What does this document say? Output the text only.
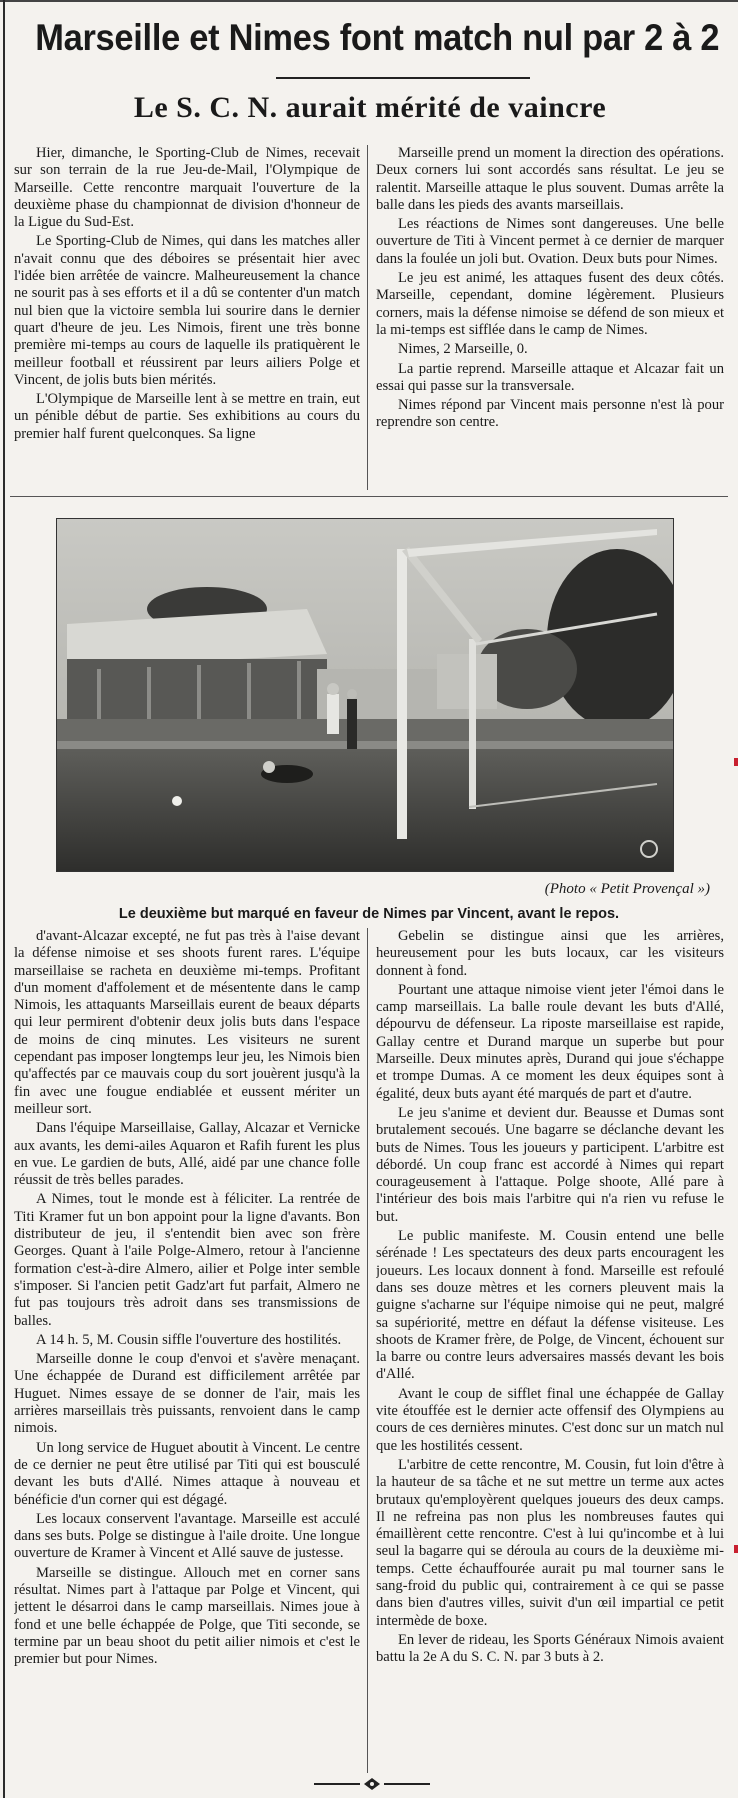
Marseille et Nimes font match nul par 2 à 2
Le S. C. N. aurait mérité de vaincre

Hier, dimanche, le Sporting-Club de Nimes, recevait sur son terrain de la rue Jeu-de-Mail, l'Olympique de Marseille. Cette rencontre marquait l'ouverture de la deuxième phase du championnat de division d'honneur de la Ligue du Sud-Est.

Le Sporting-Club de Nimes, qui dans les matches aller n'avait connu que des déboires se présentait hier avec l'idée bien arrêtée de vaincre. Malheureusement la chance ne sourit pas à ses efforts et il a dû se contenter d'un match nul bien que la victoire sembla lui sourire dans le dernier quart d'heure de jeu. Les Nimois, firent une très bonne première mi-temps au cours de laquelle ils pratiquèrent le meilleur football et réussirent par leurs ailiers Polge et Vincent, de jolis buts bien mérités.

L'Olympique de Marseille lent à se mettre en train, eut un pénible début de partie. Ses exhibitions au cours du premier half furent quelconques. Sa ligne

Marseille prend un moment la direction des opérations. Deux corners lui sont accordés sans résultat. Le jeu se ralentit. Marseille attaque le plus souvent. Dumas arrête la balle dans les pieds des avants marseillais.

Les réactions de Nimes sont dangereuses. Une belle ouverture de Titi à Vincent permet à ce dernier de marquer dans la foulée un joli but. Ovation. Deux buts pour Nimes.

Le jeu est animé, les attaques fusent des deux côtés. Marseille, cependant, domine légèrement. Plusieurs corners, mais la défense nimoise se défend de son mieux et la mi-temps est sifflée dans le camp de Nimes.

Nimes, 2 Marseille, 0.

La partie reprend. Marseille attaque et Alcazar fait un essai qui passe sur la transversale.

Nimes répond par Vincent mais personne n'est là pour reprendre son centre.

(Photo « Petit Provençal »)
Le deuxième but marqué en faveur de Nimes par Vincent, avant le repos.

d'avant-Alcazar excepté, ne fut pas très à l'aise devant la défense nimoise et ses shoots furent rares. L'équipe marseillaise se racheta en deuxième mi-temps. Profitant d'un moment d'affolement et de mésentente dans le camp Nimois, les attaquants Marseillais eurent de beaux départs qui leur permirent d'obtenir deux jolis buts dans l'espace de moins de cinq minutes. Les visiteurs ne surent cependant pas imposer longtemps leur jeu, les Nimois bien qu'affectés par ce mauvais coup du sort jouèrent jusqu'à la fin avec une fougue endiablée et eussent mériter un meilleur sort.

Dans l'équipe Marseillaise, Gallay, Alcazar et Vernicke aux avants, les demi-ailes Aquaron et Rafih furent les plus en vue. Le gardien de buts, Allé, aidé par une chance folle réussit de très belles parades.

A Nimes, tout le monde est à féliciter. La rentrée de Titi Kramer fut un bon appoint pour la ligne d'avants. Bon distributeur de jeu, il s'entendit bien avec son frère Georges. Quant à l'aile Polge-Almero, retour à l'ancienne formation c'est-à-dire Almero, ailier et Polge inter semble s'imposer. Si l'ancien petit Gadz'art fut parfait, Almero ne fut pas toujours très adroit dans ses transmissions de balles.

A 14 h. 5, M. Cousin siffle l'ouverture des hostilités.

Marseille donne le coup d'envoi et s'avère menaçant. Une échappée de Durand est difficilement arrêtée par Huguet. Nimes essaye de se donner de l'air, mais les arrières marseillais très puissants, renvoient dans le camp nimois.

Un long service de Huguet aboutit à Vincent. Le centre de ce dernier ne peut être utilisé par Titi qui est bousculé devant les buts d'Allé. Nimes attaque à nouveau et bénéficie d'un corner qui est dégagé.

Les locaux conservent l'avantage. Marseille est acculé dans ses buts. Polge se distingue à l'aile droite. Une longue ouverture de Kramer à Vincent et Allé sauve de justesse.

Marseille se distingue. Allouch met en corner sans résultat. Nimes part à l'attaque par Polge et Vincent, qui jettent le désarroi dans le camp marseillais. Nimes joue à fond et une belle échappée de Polge, que Titi seconde, se termine par un beau shoot du petit ailier nimois et c'est le premier but pour Nimes.

Gebelin se distingue ainsi que les arrières, heureusement pour les buts locaux, car les visiteurs donnent à fond.

Pourtant une attaque nimoise vient jeter l'émoi dans le camp marseillais. La balle roule devant les buts d'Allé, dépourvu de défenseur. La riposte marseillaise est rapide, Gallay centre et Durand marque un superbe but pour Marseille. Deux minutes après, Durand qui joue s'échappe et trompe Dumas. A ce moment les deux équipes sont à égalité, deux buts ayant été marqués de part et d'autre.

Le jeu s'anime et devient dur. Beausse et Dumas sont brutalement secoués. Une bagarre se déclanche devant les buts de Nimes. Tous les joueurs y participent. L'arbitre est débordé. Un coup franc est accordé à Nimes qui repart courageusement à l'attaque. Polge shoote, Allé pare à l'intérieur des bois mais l'arbitre qui n'a rien vu refuse le but.

Le public manifeste. M. Cousin entend une belle sérénade ! Les spectateurs des deux parts encouragent les joueurs. Les locaux donnent à fond. Marseille est refoulé dans ses douze mètres et les corners pleuvent mais la guigne s'acharne sur l'équipe nimoise qui ne peut, malgré sa supériorité, mettre en défaut la défense visiteuse. Les shoots de Kramer frère, de Polge, de Vincent, échouent sur la barre ou contre leurs adversaires massés devant les bois d'Allé.

Avant le coup de sifflet final une échappée de Gallay vite étouffée est le dernier acte offensif des Olympiens au cours de ces dernières minutes. C'est donc sur un match nul que les hostilités cessent.

L'arbitre de cette rencontre, M. Cousin, fut loin d'être à la hauteur de sa tâche et ne sut mettre un terme aux actes brutaux qu'employèrent quelques joueurs des deux camps. Il ne refreina pas non plus les nombreuses fautes qui émaillèrent cette rencontre. C'est à lui qu'incombe et à lui seul la bagarre qui se déroula au cours de la deuxième mi-temps. Cette échauffourée aurait pu mal tourner sans le sang-froid du public qui, contrairement à ce qui se passe dans bien d'autres villes, suivit d'un œil impartial ce petit intermède de boxe.

En lever de rideau, les Sports Généraux Nimois avaient battu la 2e A du S. C. N. par 3 buts à 2.
